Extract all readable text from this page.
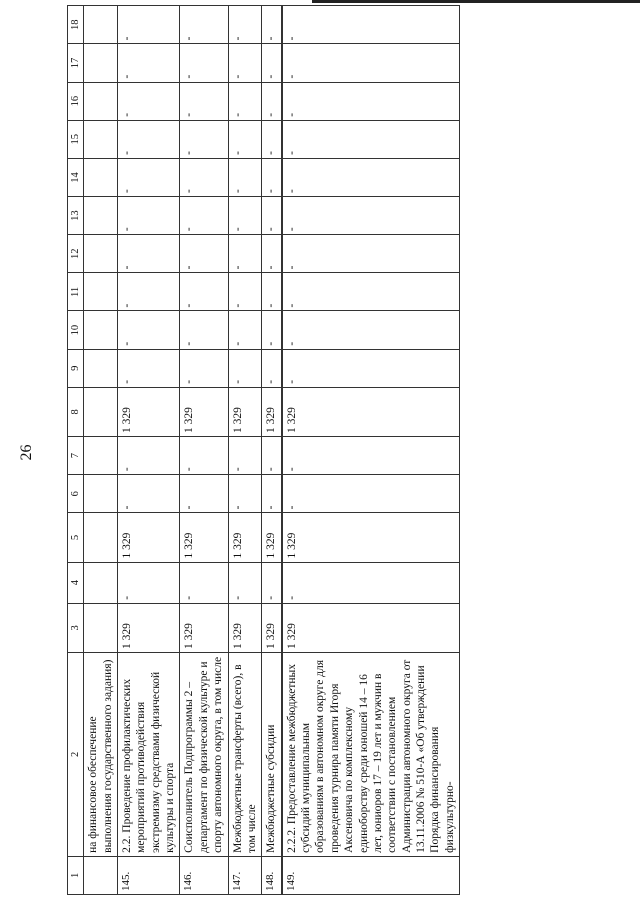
26
1	2	3	4	5	6	7	8	9	10	11	12	13	14	15	16	17	18
	на финансовое обеспечение выполнения государственного задания)																
145.	2.2. Проведение профилактических мероприятий противодействия экстремизму средствами физической культуры и спорта	1 329	-	1 329	-	-	1 329	-	-	-	-	-	-	-	-	-	-
146.	Соисполнитель Подпрограммы 2 – департамент по физической культуре и спорту автономного округа, в том числе	1 329	-	1 329	-	-	1 329	-	-	-	-	-	-	-	-	-	-
147.	Межбюджетные трансферты (всего), в том числе	1 329	-	1 329	-	-	1 329	-	-	-	-	-	-	-	-	-	-
148.	Межбюджетные субсидии	1 329	-	1 329	-	-	1 329	-	-	-	-	-	-	-	-	-	-
149.	2.2.2. Предоставление межбюджетных субсидий муниципальным образованиям в автономном округе для проведения турнира памяти Игоря Аксеновича по комплексному единоборству среди юношей 14 – 16 лет, юниоров 17 – 19 лет и мужчин в соответствии с постановлением Администрации автономного округа от 13.11.2006 № 510-А «Об утверждении Порядка финансирования физкультурно-	1 329	-	1 329	-	-	1 329	-	-	-	-	-	-	-	-	-	-
